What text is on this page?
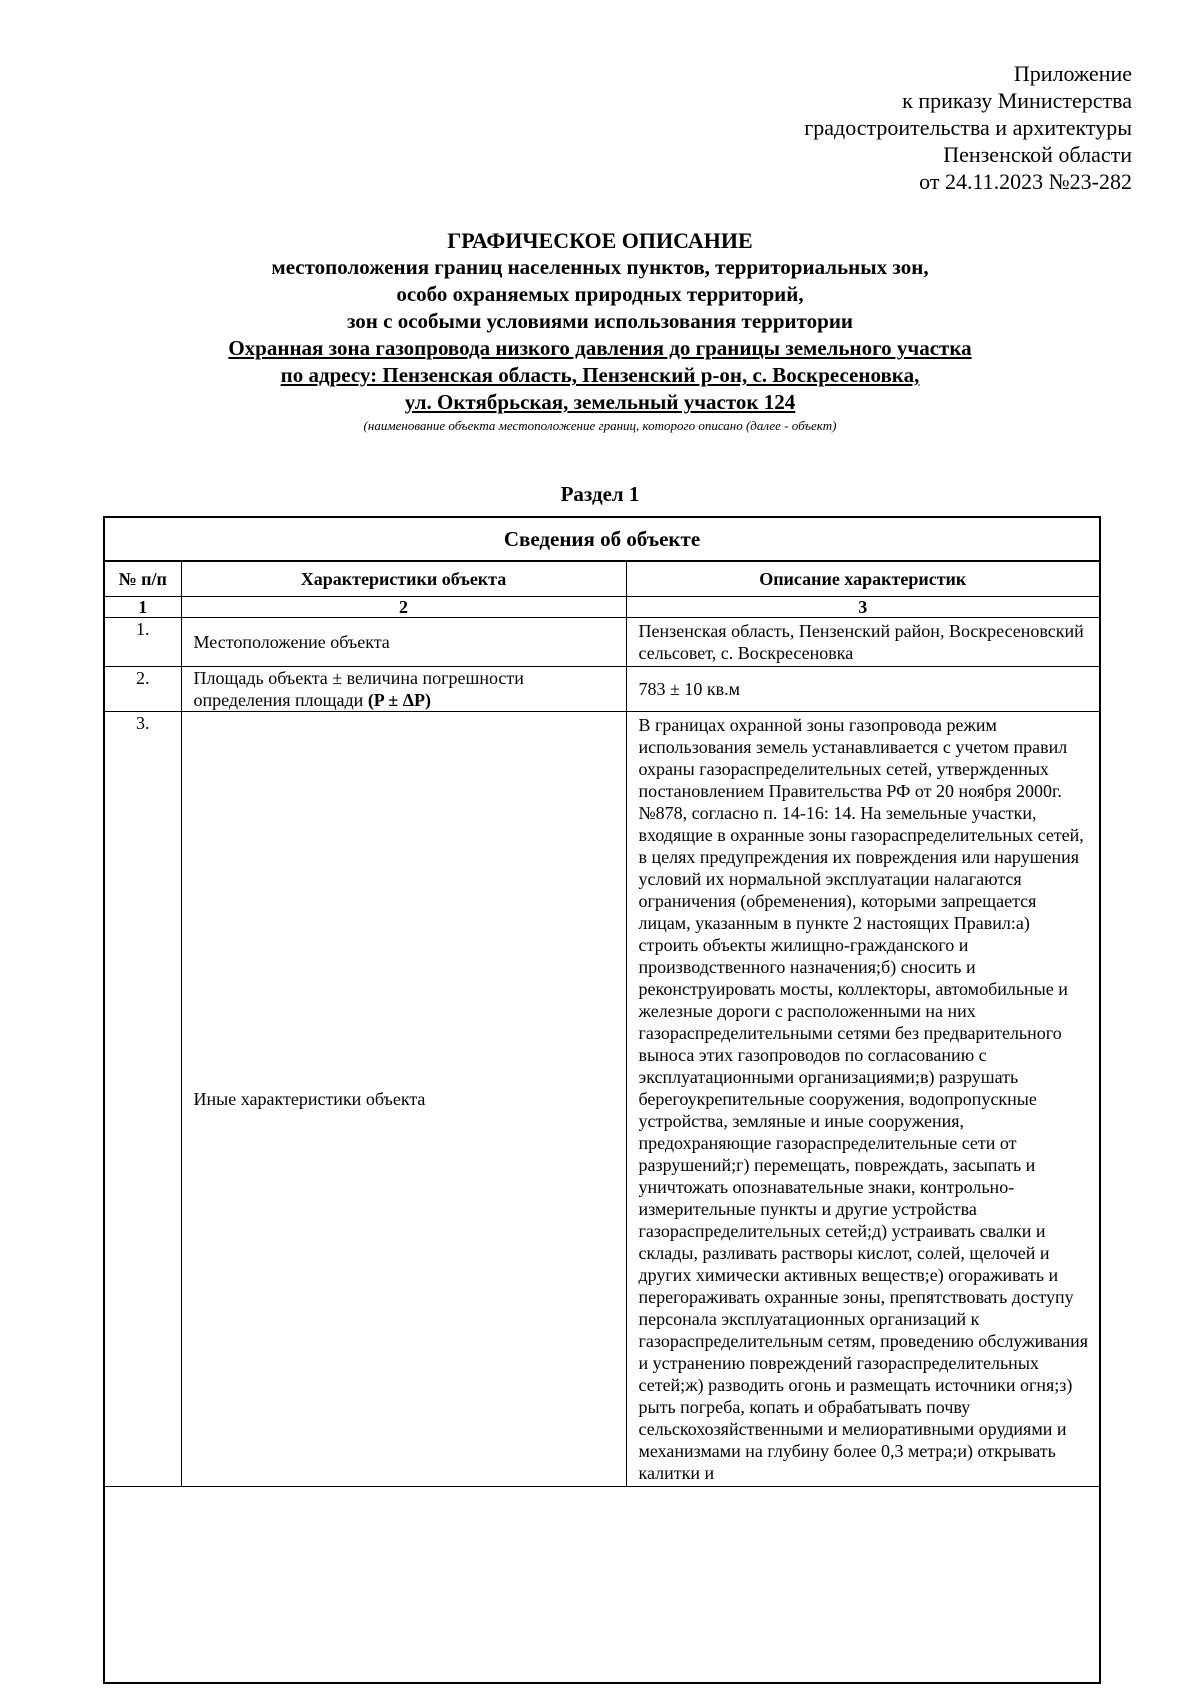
Приложение
к приказу Министерства
градостроительства и архитектуры
Пензенской области
от 24.11.2023 №23-282
ГРАФИЧЕСКОЕ ОПИСАНИЕ
местоположения границ населенных пунктов, территориальных зон,
особо охраняемых природных территорий,
зон с особыми условиями использования территории
Охранная зона газопровода низкого давления до границы земельного участка
по адресу: Пензенская область, Пензенский р-он, с. Воскресеновка,
ул. Октябрьская, земельный участок 124
(наименование объекта местоположение границ, которого описано (далее - объект)
Раздел 1
Сведения об объекте
№ п/п	Характеристики объекта	Описание характеристик
1	2	3
1.	Местоположение объекта	Пензенская область, Пензенский район, Воскресеновский сельсовет, с. Воскресеновка
2.	Площадь объекта ± величина погрешности определения площади (P ± ΔP)	783 ± 10 кв.м
3.	Иные характеристики объекта	В границах охранной зоны газопровода режим использования земель устанавливается с учетом правил охраны газораспределительных сетей, утвержденных постановлением Правительства РФ от 20 ноября 2000г. №878, согласно п. 14-16: 14. На земельные участки, входящие в охранные зоны газораспределительных сетей, в целях предупреждения их повреждения или нарушения условий их нормальной эксплуатации налагаются ограничения (обременения), которыми запрещается лицам, указанным в пункте 2 настоящих Правил:а) строить объекты жилищно-гражданского и производственного назначения;б) сносить и реконструировать мосты, коллекторы, автомобильные и железные дороги с расположенными на них газораспределительными сетями без предварительного выноса этих газопроводов по согласованию с эксплуатационными организациями;в) разрушать берегоукрепительные сооружения, водопропускные устройства, земляные и иные сооружения, предохраняющие газораспределительные сети от разрушений;г) перемещать, повреждать, засыпать и уничтожать опознавательные знаки, контрольно-измерительные пункты и другие устройства газораспределительных сетей;д) устраивать свалки и склады, разливать растворы кислот, солей, щелочей и других химически активных веществ;е) огораживать и перегораживать охранные зоны, препятствовать доступу персонала эксплуатационных организаций к газораспределительным сетям, проведению обслуживания и устранению повреждений газораспределительных сетей;ж) разводить огонь и размещать источники огня;з) рыть погреба, копать и обрабатывать почву сельскохозяйственными и мелиоративными орудиями и механизмами на глубину более 0,3 метра;и) открывать калитки и
